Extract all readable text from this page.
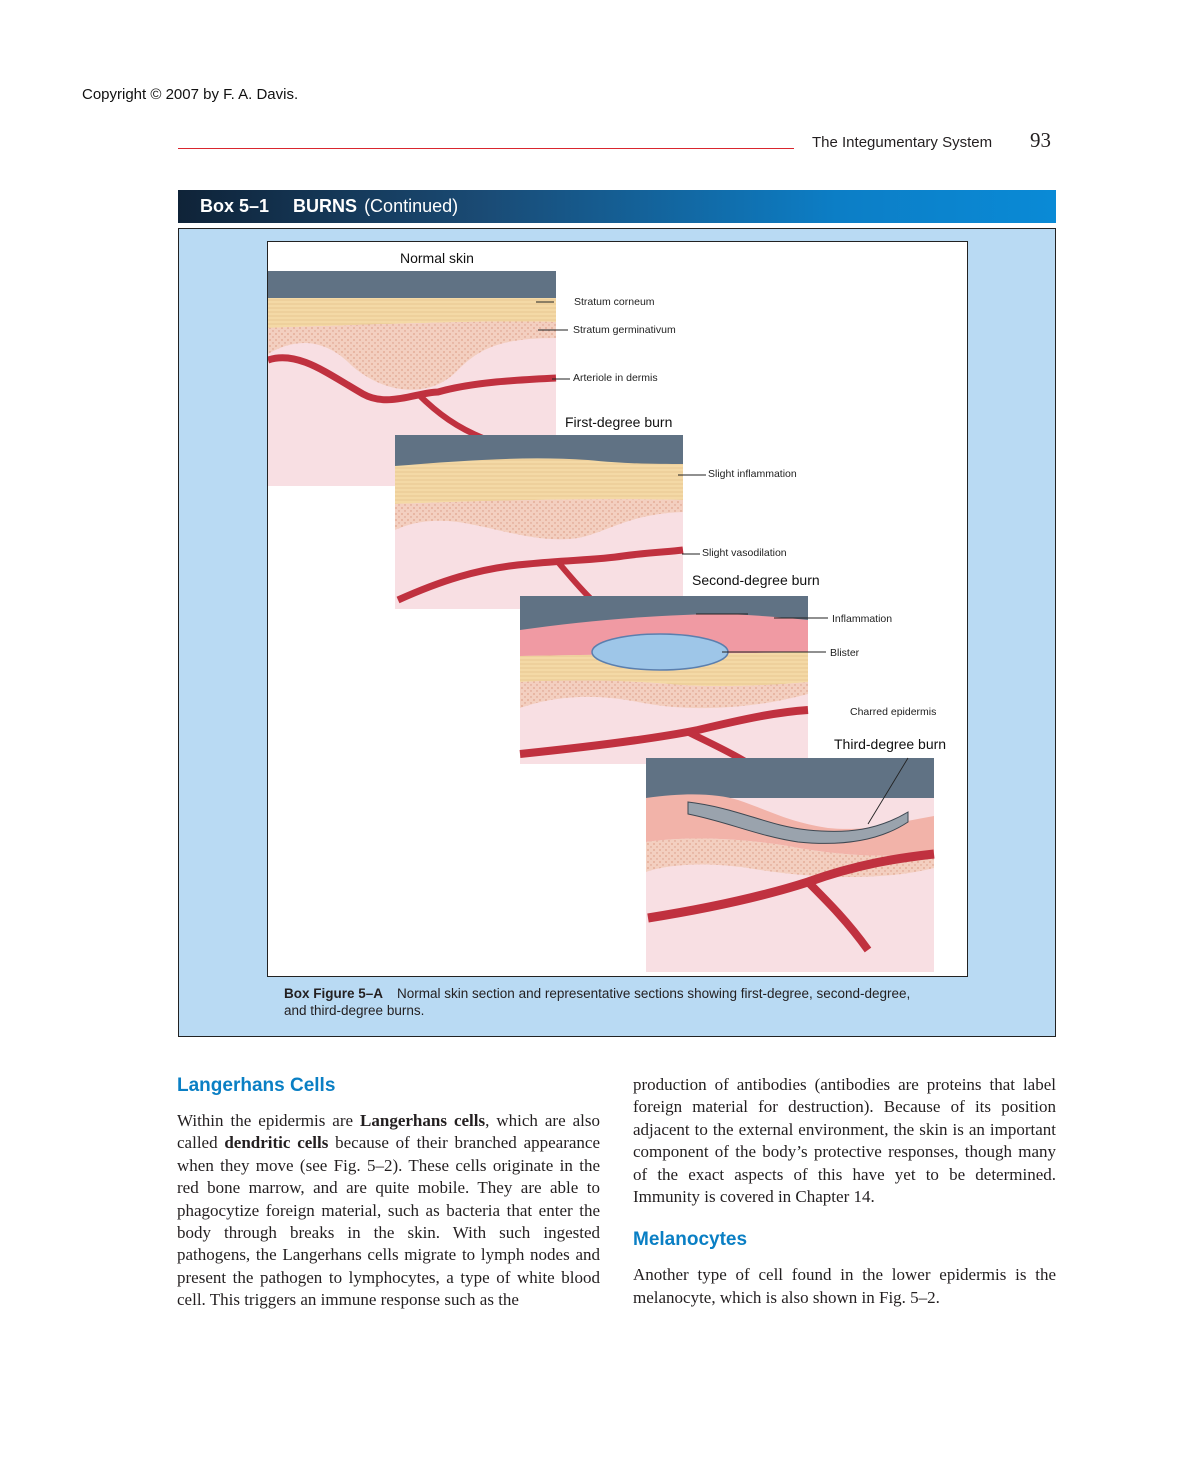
Copyright © 2007 by F. A. Davis.
The Integumentary System 93
Box 5–1 BURNS (Continued)
Normal skin
First-degree burn
Second-degree burn
Third-degree burn
Stratum corneum
Stratum germinativum
Arteriole in dermis
Slight inflammation
Slight vasodilation
Inflammation
Blister
Charred epidermis
Box Figure 5–A Normal skin section and representative sections showing first-degree, second-degree, and third-degree burns.
Langerhans Cells

Within the epidermis are Langerhans cells, which are also called dendritic cells because of their branched appearance when they move (see Fig. 5–2). These cells originate in the red bone marrow, and are quite mobile. They are able to phagocytize foreign material, such as bacteria that enter the body through breaks in the skin. With such ingested pathogens, the Langerhans cells migrate to lymph nodes and present the pathogen to lymphocytes, a type of white blood cell. This triggers an immune response such as the

production of antibodies (antibodies are proteins that label foreign material for destruction). Because of its position adjacent to the external environment, the skin is an important component of the body’s protective responses, though many of the exact aspects of this have yet to be determined. Immunity is covered in Chapter 14.

Melanocytes

Another type of cell found in the lower epidermis is the melanocyte, which is also shown in Fig. 5–2.
